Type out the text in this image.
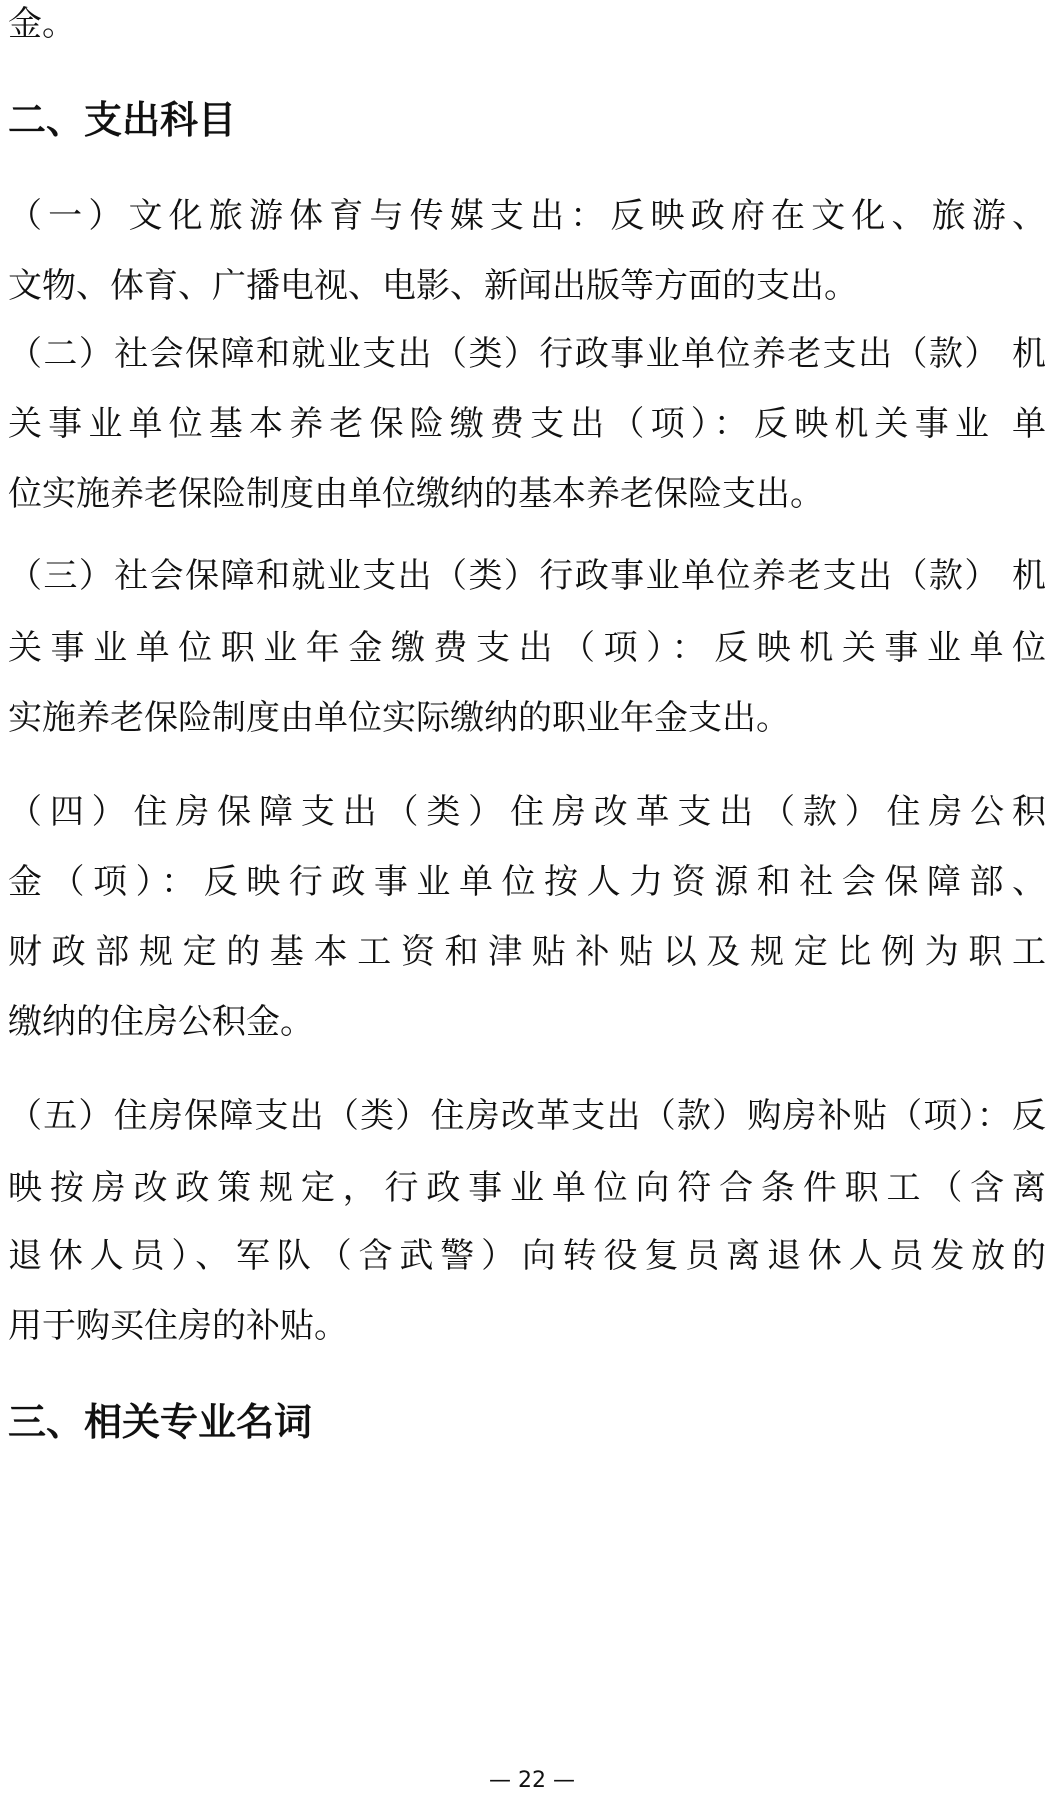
金。
二、支出科目
（一）文化旅游体育与传媒支出：反映政府在文化、旅游、
文物、体育、广播电视、电影、新闻出版等方面的支出。
（二）社会保障和就业支出（类）行政事业单位养老支出（款） 机
关事业单位基本养老保险缴费支出（项）：反映机关事业 单
位实施养老保险制度由单位缴纳的基本养老保险支出。
（三）社会保障和就业支出（类）行政事业单位养老支出（款） 机
关事业单位职业年金缴费支出（项）：反映机关事业单位
实施养老保险制度由单位实际缴纳的职业年金支出。
（四）住房保障支出（类）住房改革支出（款）住房公积
金（项）：反映行政事业单位按人力资源和社会保障部、
财政部规定的基本工资和津贴补贴以及规定比例为职工
缴纳的住房公积金。
（五）住房保障支出（类）住房改革支出（款）购房补贴（项）：反
映按房改政策规定，行政事业单位向符合条件职工（含离
退休人员）、军队（含武警）向转役复员离退休人员发放的
用于购买住房的补贴。
三、相关专业名词
— 22 —
